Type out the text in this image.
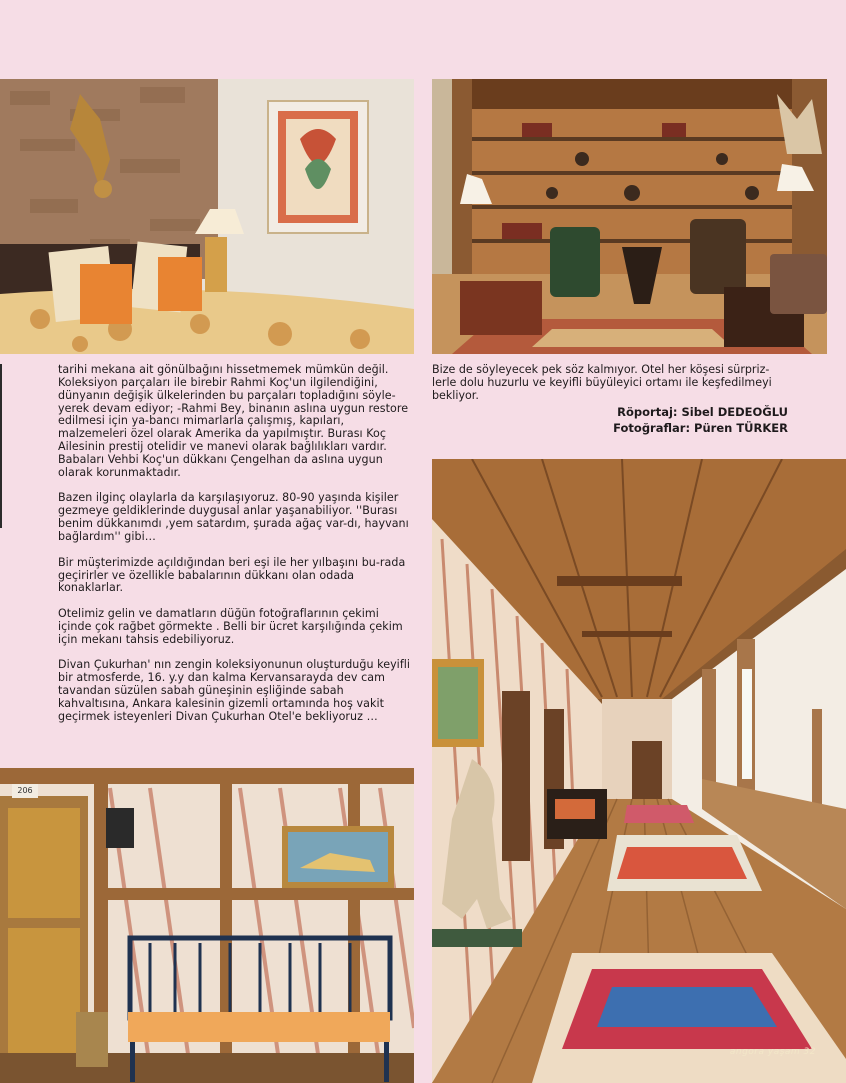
tarihi mekana ait gönülbağını hissetmemek mümkün değil. Koleksiyon parçaları ile birebir Rahmi Koç'un ilgilendiğini, dünyanın değişik ülkelerinden bu parçaları topladığını söyle-yerek devam ediyor; -Rahmi Bey, binanın aslına uygun restore edilmesi için ya-bancı mimarlarla çalışmış, kapıları, malzemeleri özel olarak Amerika da yapılmıştır. Burası Koç Ailesinin prestij otelidir ve manevi olarak bağlılıkları vardır. Babaları Vehbi Koç'un dükkanı Çengelhan da aslına uygun olarak korunmaktadır.

Bazen ilginç olaylarla da karşılaşıyoruz. 80-90 yaşında kişiler gezmeye geldiklerinde duygusal anlar yaşanabiliyor. ''Burası benim dükkanımdı ,yem satardım, şurada ağaç var-dı, hayvanı bağlardım'' gibi…

Bir müşterimizde açıldığından beri eşi ile her yılbaşını bu-rada geçirirler ve özellikle babalarının dükkanı olan odada konaklarlar.

Otelimiz gelin ve damatların düğün fotoğraflarının çekimi içinde çok rağbet görmekte . Belli bir ücret karşılığında çekim için mekanı tahsis edebiliyoruz.

Divan Çukurhan' nın zengin koleksiyonunun oluşturduğu keyifli bir atmosferde, 16. y.y dan kalma Kervansarayda dev cam tavandan süzülen sabah güneşinin eşliğinde sabah kahvaltısına, Ankara kalesinin gizemli ortamında hoş vakit geçirmek isteyenleri Divan Çukurhan Otel'e bekliyoruz …

Bize de söyleyecek pek söz kalmıyor. Otel her köşesi sürpriz-lerle dolu huzurlu ve keyifli büyüleyici ortamı ile keşfedilmeyi bekliyor.

Röportaj: Sibel DEDEOĞLU
Fotoğraflar: Püren TÜRKER
206
angora yaşam 32
